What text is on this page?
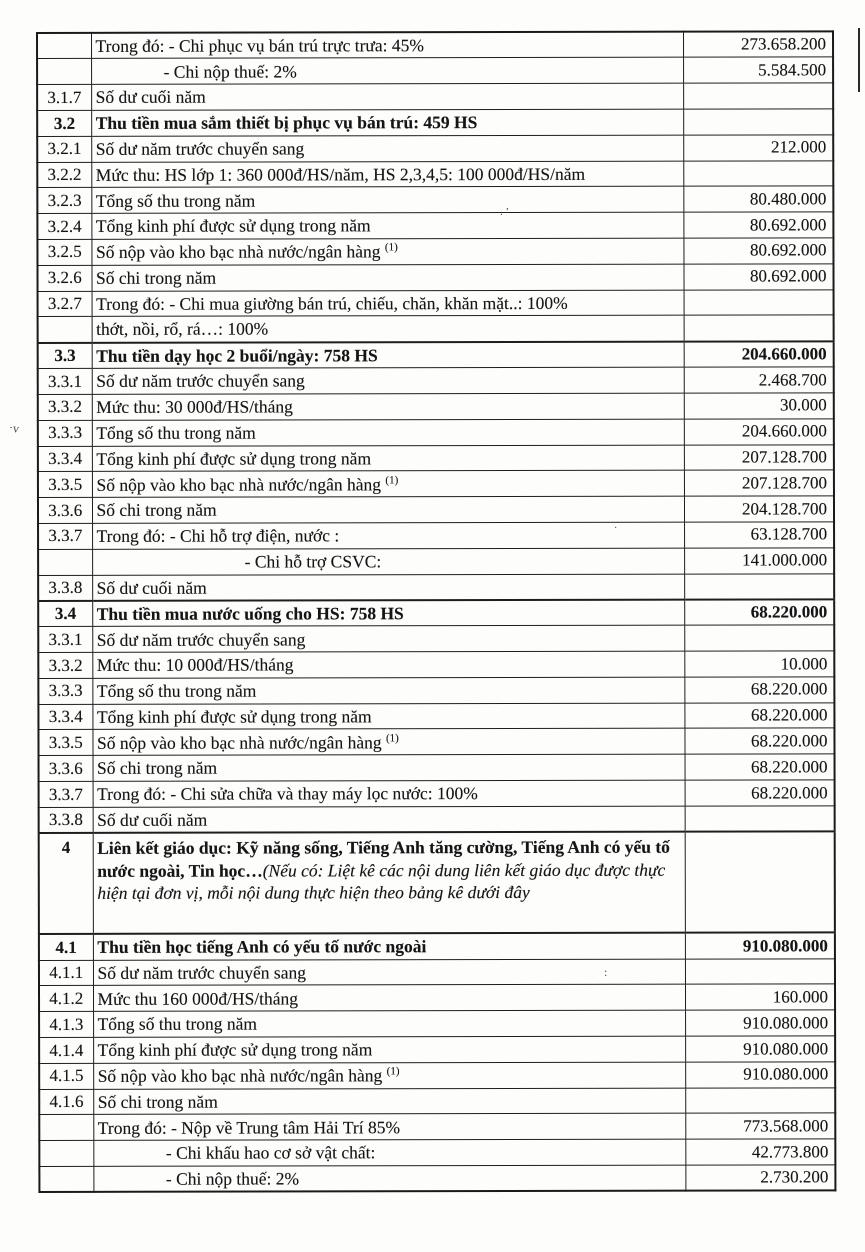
	Trong đó: - Chi phục vụ bán trú trực trưa: 45%	273.658.200
	- Chi nộp thuế: 2%	5.584.500
3.1.7	Số dư cuối năm	
3.2	Thu tiền mua sắm thiết bị phục vụ bán trú: 459 HS	
3.2.1	Số dư năm trước chuyển sang	212.000
3.2.2	Mức thu: HS lớp 1: 360 000đ/HS/năm, HS 2,3,4,5: 100 000đ/HS/năm	
3.2.3	Tổng số thu trong năm	80.480.000
3.2.4	Tổng kinh phí được sử dụng trong năm	80.692.000
3.2.5	Số nộp vào kho bạc nhà nước/ngân hàng $^{(1)}$	80.692.000
3.2.6	Số chi trong năm	80.692.000
3.2.7	Trong đó: - Chi mua giường bán trú, chiếu, chăn, khăn mặt..: 100%	
	thớt, nồi, rổ, rá…: 100%	
3.3	Thu tiền dạy học 2 buổi/ngày: 758 HS	204.660.000
3.3.1	Số dư năm trước chuyển sang	2.468.700
3.3.2	Mức thu: 30 000đ/HS/tháng	30.000
3.3.3	Tổng số thu trong năm	204.660.000
3.3.4	Tổng kinh phí được sử dụng trong năm	207.128.700
3.3.5	Số nộp vào kho bạc nhà nước/ngân hàng $^{(1)}$	207.128.700
3.3.6	Số chi trong năm	204.128.700
3.3.7	Trong đó: - Chi hỗ trợ điện, nước :	63.128.700
	- Chi hỗ trợ CSVC:	141.000.000
3.3.8	Số dư cuối năm	
3.4	Thu tiền mua nước uống cho HS: 758 HS	68.220.000
3.3.1	Số dư năm trước chuyển sang	
3.3.2	Mức thu: 10 000đ/HS/tháng	10.000
3.3.3	Tổng số thu trong năm	68.220.000
3.3.4	Tổng kinh phí được sử dụng trong năm	68.220.000
3.3.5	Số nộp vào kho bạc nhà nước/ngân hàng $^{(1)}$	68.220.000
3.3.6	Số chi trong năm	68.220.000
3.3.7	Trong đó: - Chi sửa chữa và thay máy lọc nước: 100%	68.220.000
3.3.8	Số dư cuối năm	
4	Liên kết giáo dục: Kỹ năng sống, Tiếng Anh tăng cường, Tiếng Anh có yếu tố nước ngoài, Tin học…(Nếu có: Liệt kê các nội dung liên kết giáo dục được thực hiện tại đơn vị, mỗi nội dung thực hiện theo bảng kê dưới đây	
4.1	Thu tiền học tiếng Anh có yếu tố nước ngoài	910.080.000
4.1.1	Số dư năm trước chuyển sang	
4.1.2	Mức thu 160 000đ/HS/tháng	160.000
4.1.3	Tổng số thu trong năm	910.080.000
4.1.4	Tổng kinh phí được sử dụng trong năm	910.080.000
4.1.5	Số nộp vào kho bạc nhà nước/ngân hàng $^{(1)}$	910.080.000
4.1.6	Số chi trong năm	
	Trong đó: - Nộp về Trung tâm Hải Trí 85%	773.568.000
	- Chi khấu hao cơ sở vật chất:	42.773.800
	- Chi nộp thuế: 2%	2.730.200
·v
. ’
:
·
